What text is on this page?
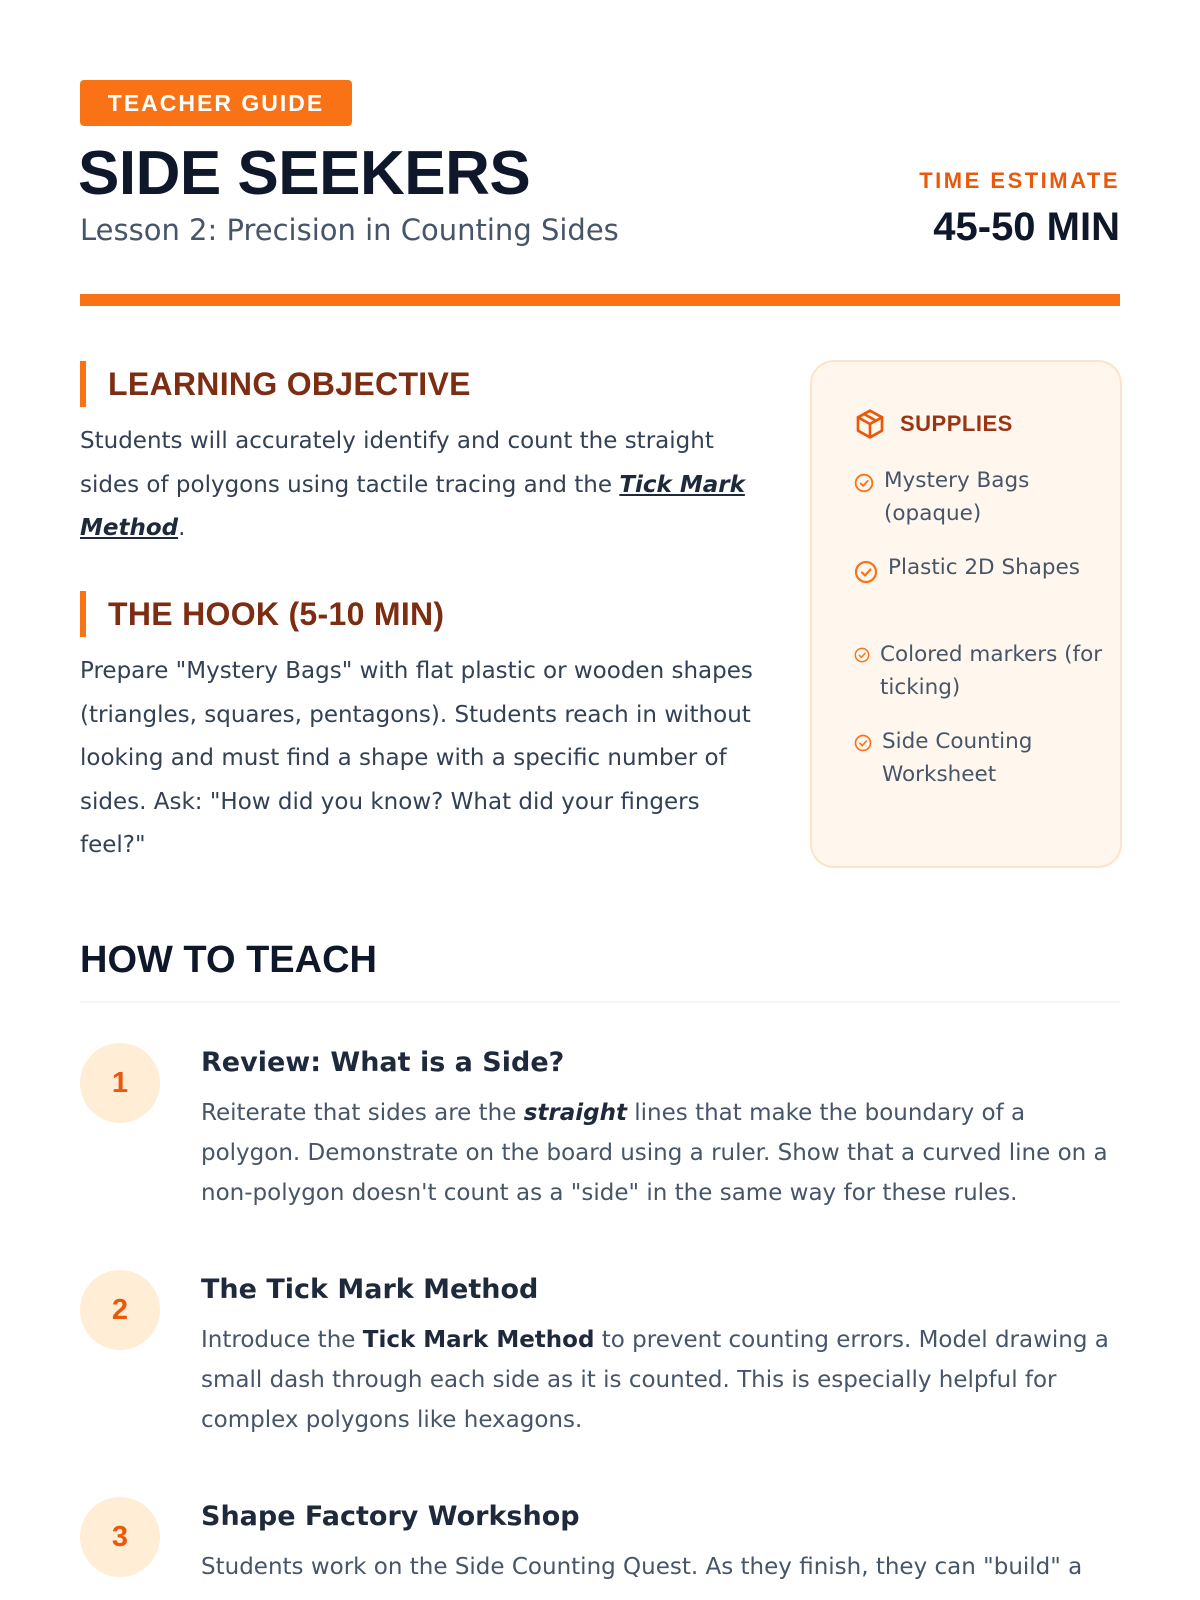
TEACHER GUIDE
SIDE SEEKERS
Lesson 2: Precision in Counting Sides
TIME ESTIMATE
45-50 MIN
LEARNING OBJECTIVE
Students will accurately identify and count the straight sides of polygons using tactile tracing and the Tick Mark Method.
THE HOOK (5-10 MIN)
Prepare "Mystery Bags" with flat plastic or wooden shapes (triangles, squares, pentagons). Students reach in without looking and must find a shape with a specific number of sides. Ask: "How did you know? What did your fingers feel?"
SUPPLIES
Mystery Bags (opaque)
Plastic 2D Shapes
Colored markers (for ticking)
Side Counting Worksheet
HOW TO TEACH
1
Review: What is a Side?
Reiterate that sides are the straight lines that make the boundary of a polygon. Demonstrate on the board using a ruler. Show that a curved line on a non-polygon doesn't count as a "side" in the same way for these rules.
2
The Tick Mark Method
Introduce the Tick Mark Method to prevent counting errors. Model drawing a small dash through each side as it is counted. This is especially helpful for complex polygons like hexagons.
3
Shape Factory Workshop
Students work on the Side Counting Quest. As they finish, they can "build" a
